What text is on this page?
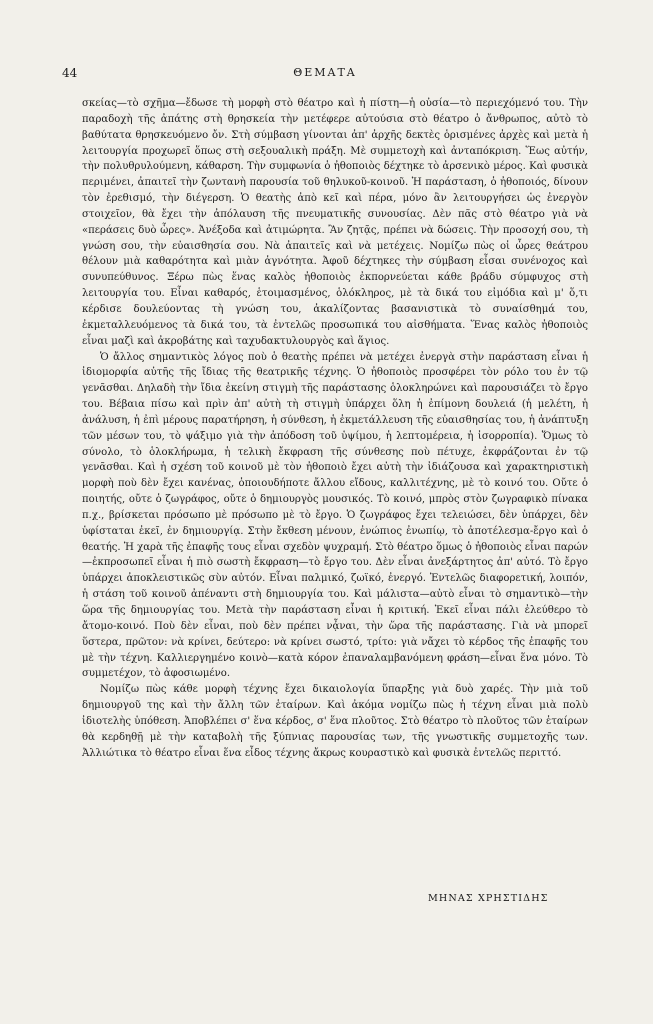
44	ΘΕΜΑΤΑ

σκείας—τὸ σχῆμα—ἔδωσε τὴ μορφὴ στὸ θέατρο καὶ ἡ πίστη—ἡ οὐσία—τὸ περιεχόμενό του. Τὴν παραδοχὴ τῆς ἀπάτης στὴ θρησκεία τὴν μετέφερε αὐτούσια στὸ θέατρο ὁ ἄνθρωπος, αὐτὸ τὸ βαθύτατα θρησκευόμενο ὄν. Στὴ σύμβαση γίνονται ἀπ' ἀρχῆς δεκτὲς ὁρισμένες ἀρχὲς καὶ μετὰ ἡ λειτουργία προχωρεῖ ὅπως στὴ σεξουαλικὴ πράξη. Μὲ συμμετοχὴ καὶ ἀνταπόκριση. Ἕως αὐτήν, τὴν πολυθρυλούμενη, κάθαρση. Τὴν συμφωνία ὁ ἠθοποιὸς δέχτηκε τὸ ἀρσενικὸ μέρος. Καὶ φυσικὰ περιμένει, ἀπαιτεῖ τὴν ζωντανὴ παρουσία τοῦ θηλυκοῦ-κοινοῦ. Ἡ παράσταση, ὁ ἠθοποιός, δίνουν τὸν ἐρεθισμό, τὴν διέγερση. Ὁ θεατὴς ἀπὸ κεῖ καὶ πέρα, μόνο ἂν λειτουργήσει ὡς ἐνεργὸν στοιχεῖον, θὰ ἔχει τὴν ἀπόλαυση τῆς πνευματικῆς συνουσίας. Δὲν πᾶς στὸ θέατρο γιὰ νὰ «περάσεις δυὸ ὧρες». Ἀνέξοδα καὶ ἀτιμώρητα. Ἂν ζητᾷς, πρέπει νὰ δώσεις. Τὴν προσοχή σου, τὴ γνώση σου, τὴν εὐαισθησία σου. Νὰ ἀπαιτεῖς καὶ νὰ μετέχεις. Νομίζω πὼς οἱ ὧρες θεάτρου θέλουν μιὰ καθαρότητα καὶ μιὰν ἁγνότητα. Ἀφοῦ δέχτηκες τὴν σύμβαση εἶσαι συνένοχος καὶ συνυπεύθυνος. Ξέρω πὼς ἕνας καλὸς ἠθοποιὸς ἐκπορνεύεται κάθε βράδυ σύμφυχος στὴ λειτουργία του. Εἶναι καθαρός, ἑτοιμασμένος, ὁλόκληρος, μὲ τὰ δικά του εἰμόδια καὶ μ' ὅ,τι κέρδισε δουλεύοντας τὴ γνώση του, ἀκαλίζοντας βασανιστικὰ τὸ συναίσθημά του, ἐκμεταλλευόμενος τὰ δικά του, τὰ ἐντελῶς προσωπικά του αἰσθήματα. Ἕνας καλὸς ἠθοποιὸς εἶναι μαζὶ καὶ ἀκροβάτης καὶ ταχυδακτυλουργὸς καὶ ἅγιος.

Ὁ ἄλλος σημαντικὸς λόγος ποὺ ὁ θεατὴς πρέπει νὰ μετέχει ἐνεργὰ στὴν παράσταση εἶναι ἡ ἰδιομορφία αὐτῆς τῆς ἴδιας τῆς θεατρικῆς τέχνης. Ὁ ἠθοποιὸς προσφέρει τὸν ρόλο του ἐν τῷ γενᾶσθαι. Δηλαδὴ τὴν ἴδια ἐκείνη στιγμὴ τῆς παράστασης ὁλοκληρώνει καὶ παρουσιάζει τὸ ἔργο του. Βέβαια πίσω καὶ πρὶν ἀπ' αὐτὴ τὴ στιγμὴ ὑπάρχει ὅλη ἡ ἐπίμονη δουλειά (ἡ μελέτη, ἡ ἀνάλυση, ἡ ἐπὶ μέρους παρατήρηση, ἡ σύνθεση, ἡ ἐκμετάλλευση τῆς εὐαισθησίας του, ἡ ἀνάπτυξη τῶν μέσων του, τὸ ψάξιμο γιὰ τὴν ἀπόδοση τοῦ ὑψίμου, ἡ λεπτομέρεια, ἡ ἰσορροπία). Ὅμως τὸ σύνολο, τὸ ὁλοκλήρωμα, ἡ τελικὴ ἔκφραση τῆς σύνθεσης ποὺ πέτυχε, ἐκφράζονται ἐν τῷ γενᾶσθαι. Καὶ ἡ σχέση τοῦ κοινοῦ μὲ τὸν ἠθοποιὸ ἔχει αὐτὴ τὴν ἰδιάζουσα καὶ χαρακτηριστικὴ μορφὴ ποὺ δὲν ἔχει κανένας, ὁποιουδήποτε ἄλλου εἴδους, καλλιτέχνης, μὲ τὸ κοινό του. Οὔτε ὁ ποιητής, οὔτε ὁ ζωγράφος, οὔτε ὁ δημιουργὸς μουσικός. Τὸ κοινό, μπρὸς στὸν ζωγραφικὸ πίνακα π.χ., βρίσκεται πρόσωπο μὲ πρόσωπο μὲ τὸ ἔργο. Ὁ ζωγράφος ἔχει τελειώσει, δὲν ὑπάρχει, δὲν ὑφίσταται ἐκεῖ, ἐν δημιουργίᾳ. Στὴν ἔκθεση μένουν, ἐνώπιος ἐνωπίῳ, τὸ ἀποτέλεσμα-ἔργο καὶ ὁ θεατής. Ἡ χαρὰ τῆς ἐπαφῆς τους εἶναι σχεδὸν ψυχραμή. Στὸ θέατρο ὅμως ὁ ἠθοποιὸς εἶναι παρών—ἐκπροσωπεῖ εἶναι ἡ πιὸ σωστὴ ἔκφραση—τὸ ἔργο του. Δὲν εἶναι ἀνεξάρτητος ἀπ' αὐτό. Τὸ ἔργο ὑπάρχει ἀποκλειστικῶς σὺν αὐτόν. Εἶναι παλμικό, ζωϊκό, ἐνεργό. Ἐντελῶς διαφορετική, λοιπόν, ἡ στάση τοῦ κοινοῦ ἀπέναντι στὴ δημιουργία του. Καὶ μάλιστα—αὐτὸ εἶναι τὸ σημαντικὸ—τὴν ὥρα τῆς δημιουργίας του. Μετὰ τὴν παράσταση εἶναι ἡ κριτική. Ἐκεῖ εἶναι πάλι ἐλεύθερο τὸ ἄτομο-κοινό. Ποὺ δὲν εἶναι, ποὺ δὲν πρέπει νᾆναι, τὴν ὥρα τῆς παράστασης. Γιὰ νὰ μπορεῖ ὕστερα, πρῶτον: νὰ κρίνει, δεύτερο: νὰ κρίνει σωστό, τρίτο: γιὰ νἄχει τὸ κέρδος τῆς ἐπαφῆς του μὲ τὴν τέχνη. Καλλιεργημένο κοινὸ—κατὰ κόρον ἐπαναλαμβανόμενη φράση—εἶναι ἕνα μόνο. Τὸ συμμετέχον, τὸ ἀφοσιωμένο.

Νομίζω πὼς κάθε μορφὴ τέχνης ἔχει δικαιολογία ὕπαρξης γιὰ δυὸ χαρές. Τὴν μιὰ τοῦ δημιουργοῦ της καὶ τὴν ἄλλη τῶν ἑταίρων. Καὶ ἀκόμα νομίζω πὼς ἡ τέχνη εἶναι μιὰ πολὺ ἰδιοτελὴς ὑπόθεση. Ἀποβλέπει σ' ἕνα κέρδος, σ' ἕνα πλοῦτος. Στὸ θέατρο τὸ πλοῦτος τῶν ἑταίρων θὰ κερδηθῇ μὲ τὴν καταβολὴ τῆς ξύπνιας παρουσίας των, τῆς γνωστικῆς συμμετοχῆς των. Ἀλλιώτικα τὸ θέατρο εἶναι ἕνα εἶδος τέχνης ἄκρως κουραστικὸ καὶ φυσικὰ ἐντελῶς περιττό.

ΜΗΝΑΣ ΧΡΗΣΤΙΔΗΣ
